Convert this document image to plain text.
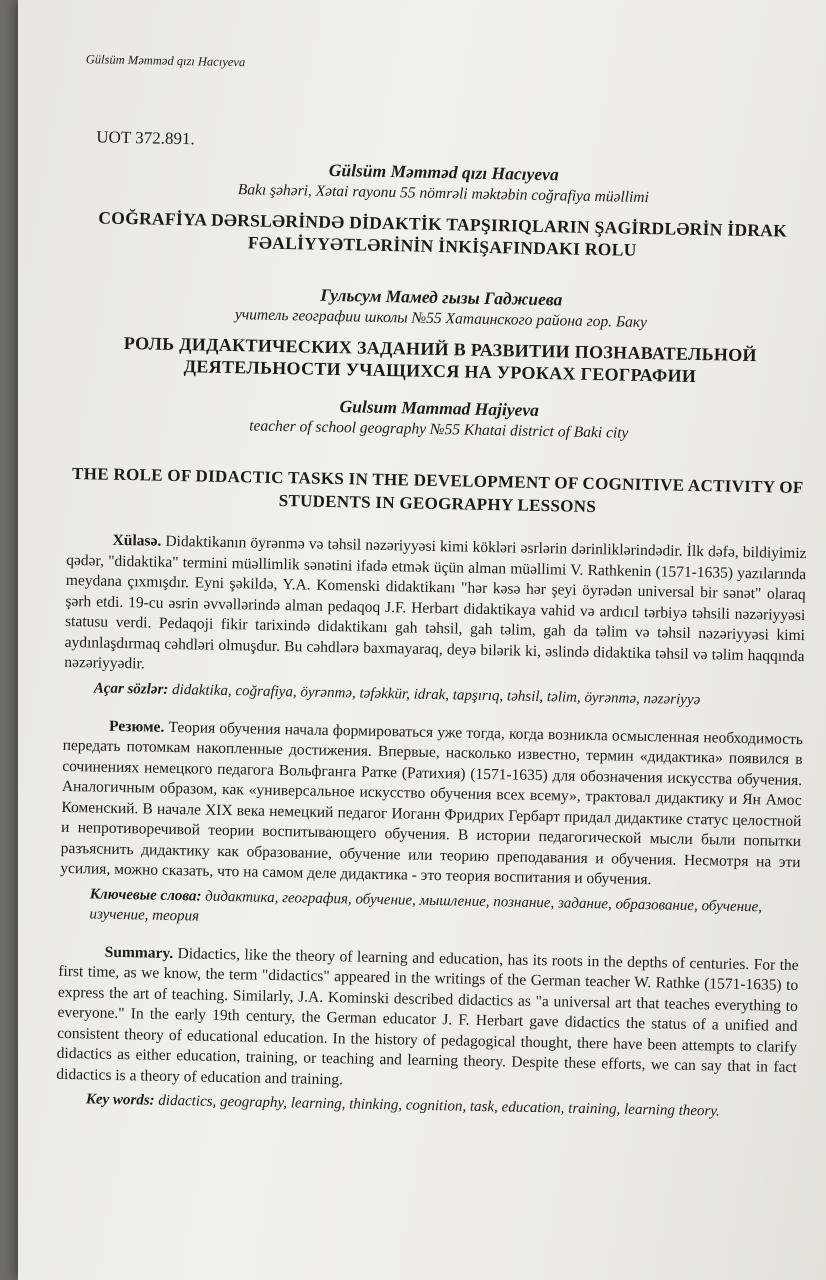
Gülsüm Məmməd qızı Hacıyeva
UOT 372.891.
Gülsüm Məmməd qızı Hacıyeva
Bakı şəhəri, Xətai rayonu 55 nömrəli məktəbin coğrafiya müəllimi
COĞRAFİYA DƏRSLƏRİNDƏ DİDAKTİK TAPŞIRIQLARIN ŞAGİRDLƏRİN İDRAK FƏALİYYƏTLƏRİNİN İNKİŞAFINDAKI ROLU
Гульсум Мамед гызы Гаджиева
учитель географии школы №55 Хатаинского района гор. Баку
РОЛЬ ДИДАКТИЧЕСКИХ ЗАДАНИЙ В РАЗВИТИИ ПОЗНАВАТЕЛЬНОЙ ДЕЯТЕЛЬНОСТИ УЧАЩИХСЯ НА УРОКАХ ГЕОГРАФИИ
Gulsum Mammad Hajiyeva
teacher of school geography №55 Khatai district of Baki city
THE ROLE OF DIDACTIC TASKS IN THE DEVELOPMENT OF COGNITIVE ACTIVITY OF STUDENTS IN GEOGRAPHY LESSONS

Xülasə. Didaktikanın öyrənmə və təhsil nəzəriyyəsi kimi kökləri əsrlərin dərinliklərindədir. İlk dəfə, bildiyimiz qədər, "didaktika" termini müəllimlik sənətini ifadə etmək üçün alman müəllimi V. Rathkenin (1571-1635) yazılarında meydana çıxmışdır. Eyni şəkildə, Y.A. Komenski didaktikanı "hər kəsə hər şeyi öyrədən universal bir sənət" olaraq şərh etdi. 19-cu əsrin əvvəllərində alman pedaqoq J.F. Herbart didaktikaya vahid və ardıcıl tərbiyə təhsili nəzəriyyəsi statusu verdi. Pedaqoji fikir tarixində didaktikanı gah təhsil, gah təlim, gah da təlim və təhsil nəzəriyyəsi kimi aydınlaşdırmaq cəhdləri olmuşdur. Bu cəhdlərə baxmayaraq, deyə bilərik ki, əslində didaktika təhsil və təlim haqqında nəzəriyyədir.

Açar sözlər: didaktika, coğrafiya, öyrənmə, təfəkkür, idrak, tapşırıq, təhsil, təlim, öyrənmə, nəzəriyyə

Резюме. Теория обучения начала формироваться уже тогда, когда возникла осмысленная необходимость передать потомкам накопленные достижения. Впервые, насколько известно, термин «дидактика» появился в сочинениях немецкого педагога Вольфганга Ратке (Ратихия) (1571-1635) для обозначения искусства обучения. Аналогичным образом, как «универсальное искусство обучения всех всему», трактовал дидактику и Ян Амос Коменский. В начале XIX века немецкий педагог Иоганн Фридрих Гербарт придал дидактике статус целостной и непротиворечивой теории воспитывающего обучения. В истории педагогической мысли были попытки разъяснить дидактику как образование, обучение или теорию преподавания и обучения. Несмотря на эти усилия, можно сказать, что на самом деле дидактика - это теория воспитания и обучения.

Ключевые слова: дидактика, география, обучение, мышление, познание, задание, образование, обучение, изучение, теория

Summary. Didactics, like the theory of learning and education, has its roots in the depths of centuries. For the first time, as we know, the term "didactics" appeared in the writings of the German teacher W. Rathke (1571-1635) to express the art of teaching. Similarly, J.A. Kominski described didactics as "a universal art that teaches everything to everyone." In the early 19th century, the German educator J. F. Herbart gave didactics the status of a unified and consistent theory of educational education. In the history of pedagogical thought, there have been attempts to clarify didactics as either education, training, or teaching and learning theory. Despite these efforts, we can say that in fact didactics is a theory of education and training.

Key words: didactics, geography, learning, thinking, cognition, task, education, training, learning theory.
